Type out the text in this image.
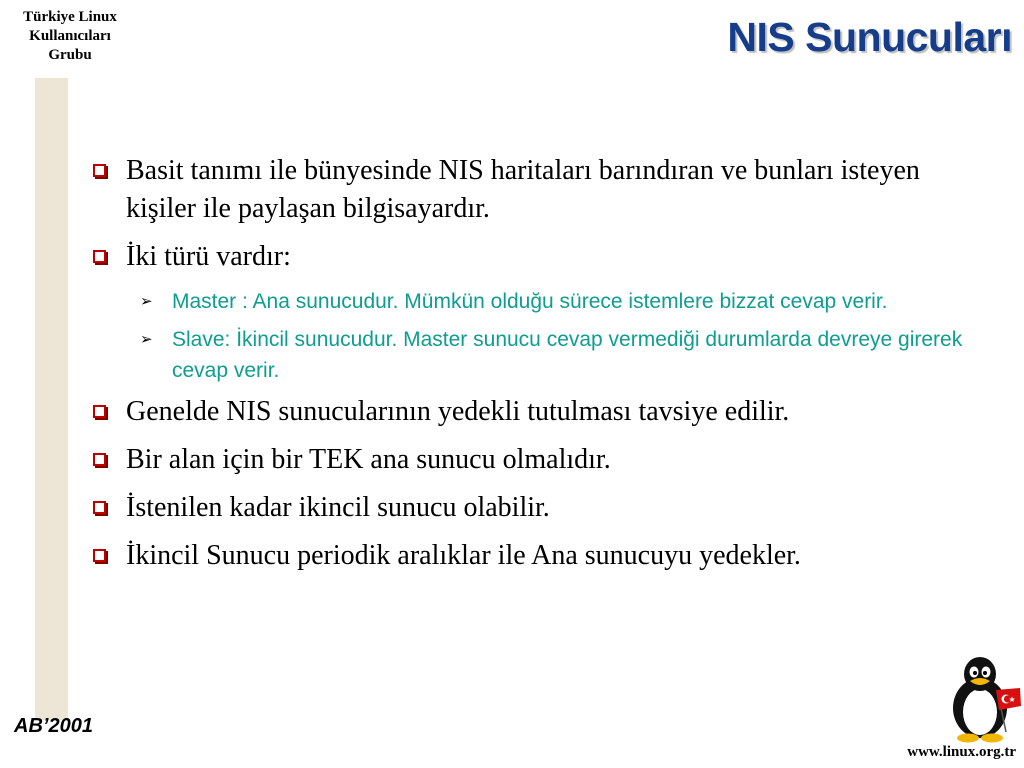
Türkiye Linux
Kullanıcıları
Grubu	NIS Sunucuları
Basit tanımı ile bünyesinde NIS haritaları barındıran ve bunları isteyen kişiler ile paylaşan bilgisayardır.
İki türü vardır:
➢ Master : Ana sunucudur. Mümkün olduğu sürece istemlere bizzat cevap verir.
➢ Slave: İkincil sunucudur. Master sunucu cevap vermediği durumlarda devreye girerek cevap verir.
Genelde NIS sunucularının yedekli tutulması tavsiye edilir.
Bir alan için bir TEK ana sunucu olmalıdır.
İstenilen kadar ikincil sunucu olabilir.
İkincil Sunucu periodik aralıklar ile Ana sunucuyu yedekler.
AB’2001
www.linux.org.tr
